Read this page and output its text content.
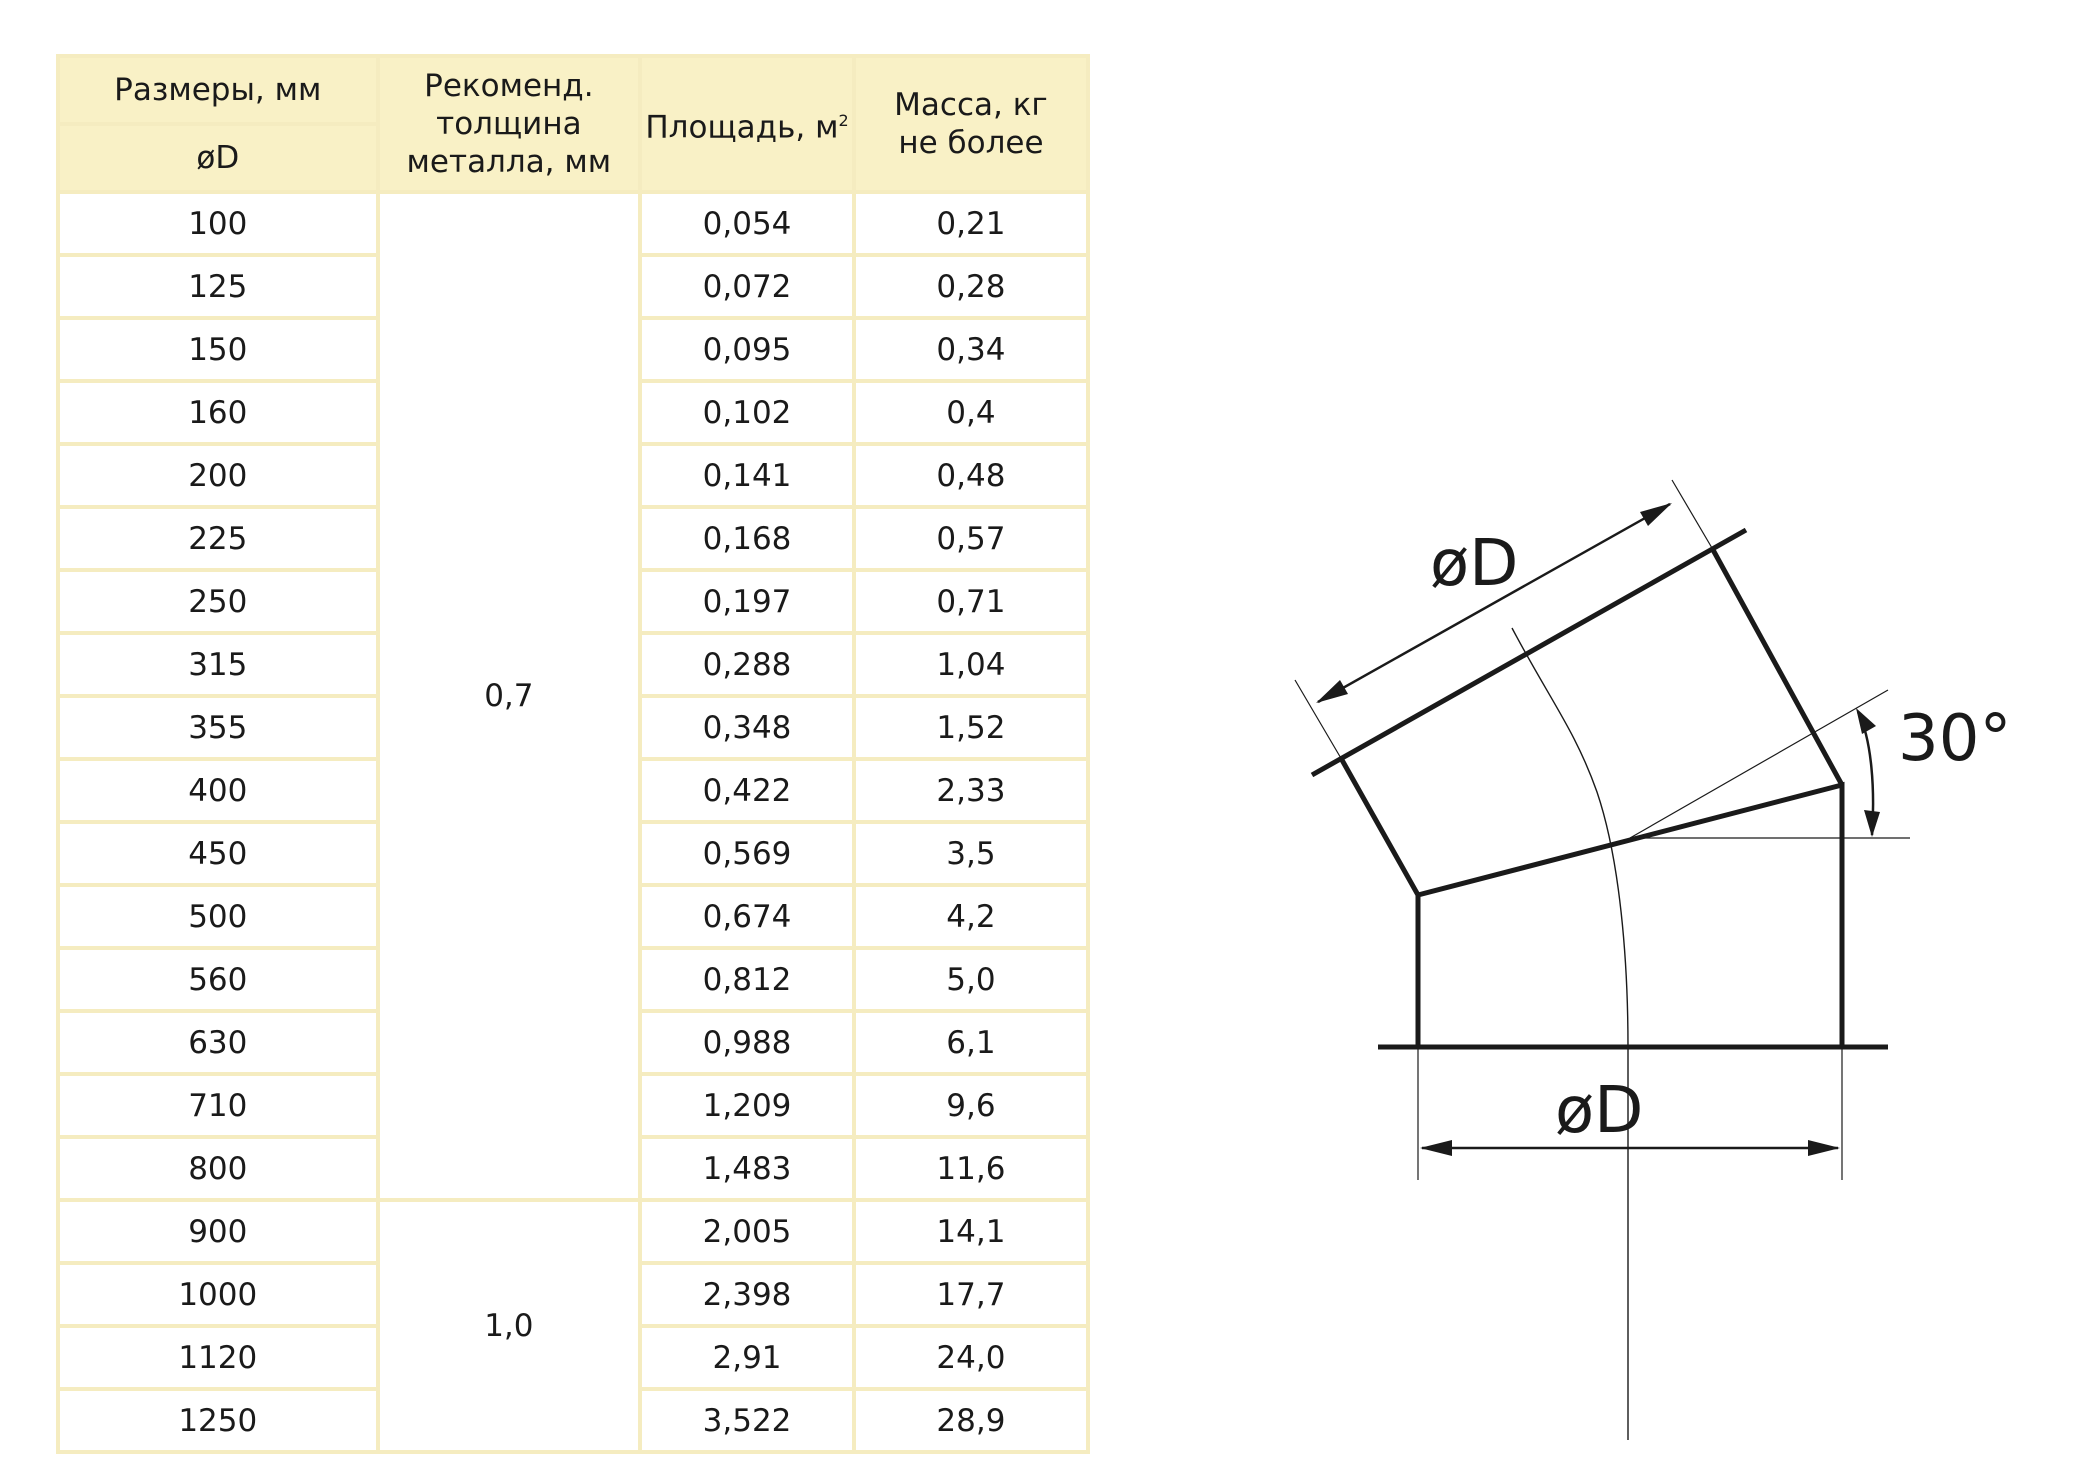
Размеры, мм	Рекоменд. толщина металла, мм	Площадь, $м^2$	Масса, кг не более
øD			
100	0,7	0,054	0,21
125		0,072	0,28
150		0,095	0,34
160		0,102	0,4
200		0,141	0,48
225		0,168	0,57
250		0,197	0,71
315		0,288	1,04
355		0,348	1,52
400		0,422	2,33
450		0,569	3,5
500		0,674	4,2
560		0,812	5,0
630		0,988	6,1
710		1,209	9,6
800		1,483	11,6
900	1,0	2,005	14,1
1000		2,398	17,7
1120		2,91	24,0
1250		3,522	28,9
øD
øD
30°
